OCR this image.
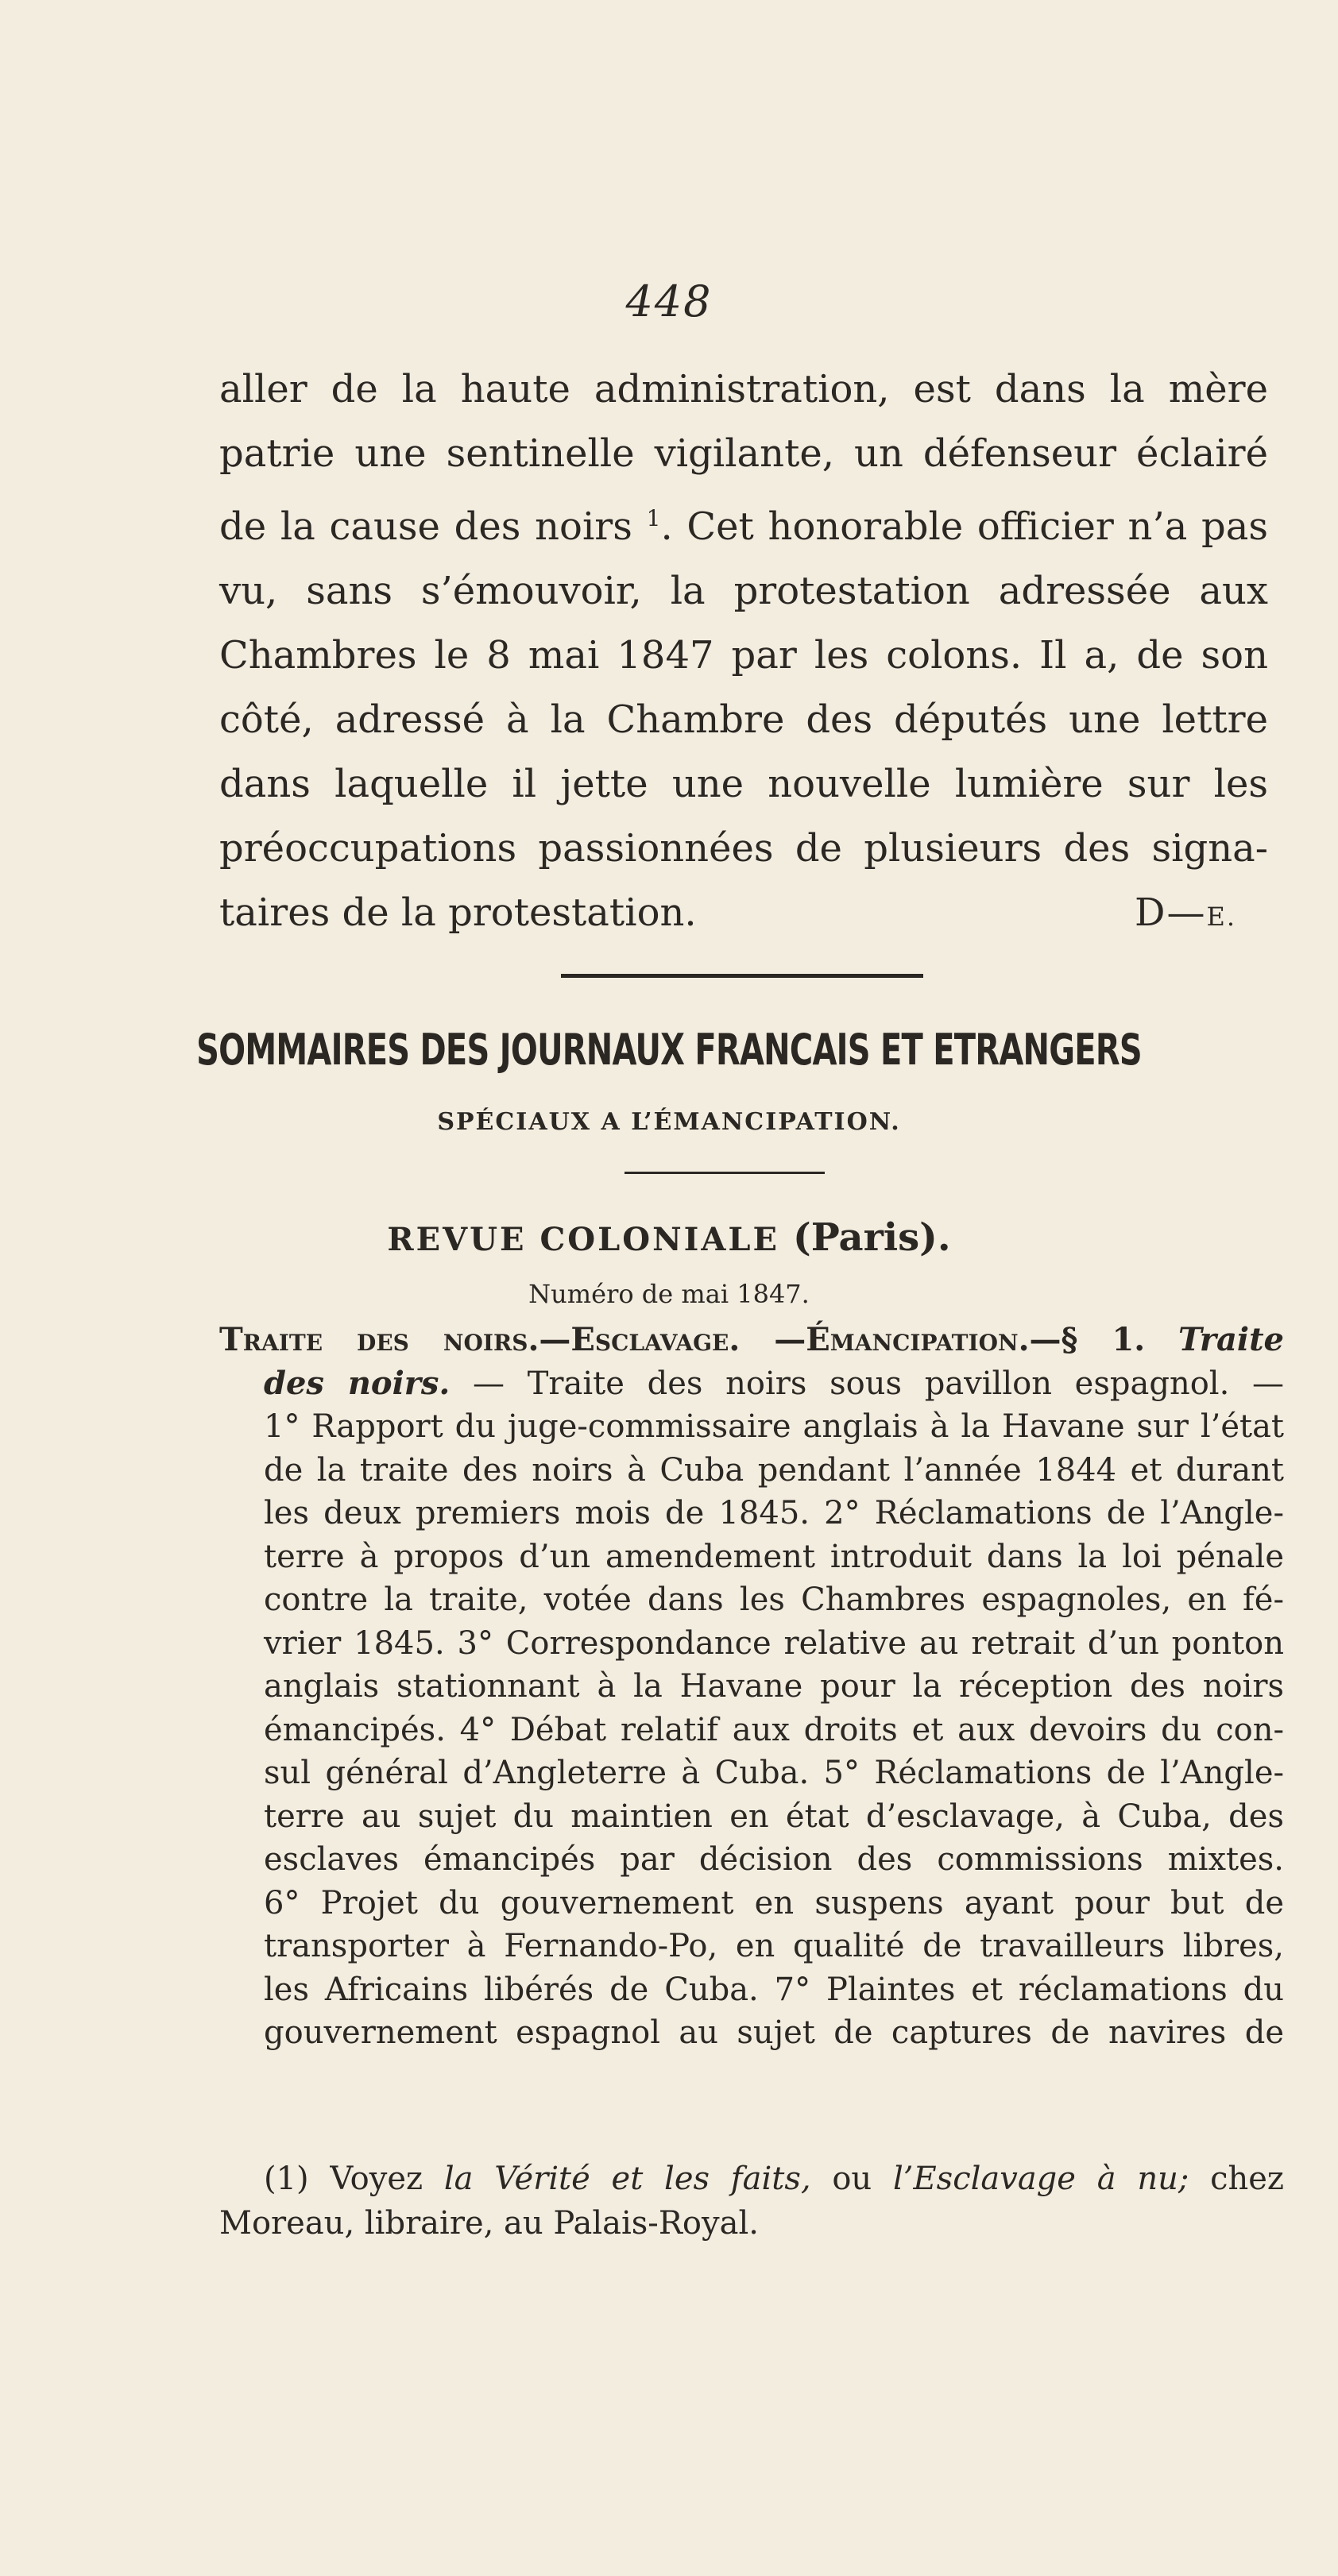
448
aller de la haute administration, est dans la mère
patrie une sentinelle vigilante, un défenseur éclairé
de la cause des noirs $^1$. Cet honorable officier n’a pas
vu, sans s’émouvoir, la protestation adressée aux
Chambres le 8 mai 1847 par les colons. Il a, de son
côté, adressé à la Chambre des députés une lettre
dans laquelle il jette une nouvelle lumière sur les
préoccupations passionnées de plusieurs des signa-
taires de la protestation.	D—E.
SOMMAIRES DES JOURNAUX FRANCAIS ET ETRANGERS
SPÉCIAUX A L’ÉMANCIPATION.
REVUE COLONIALE (Paris).
Numéro de mai 1847.
Traite des noirs.—Esclavage. —Émancipation.—§ 1. Traite
des noirs. — Traite des noirs sous pavillon espagnol. —
1° Rapport du juge-commissaire anglais à la Havane sur l’état
de la traite des noirs à Cuba pendant l’année 1844 et durant
les deux premiers mois de 1845. 2° Réclamations de l’Angle-
terre à propos d’un amendement introduit dans la loi pénale
contre la traite, votée dans les Chambres espagnoles, en fé-
vrier 1845. 3° Correspondance relative au retrait d’un ponton
anglais stationnant à la Havane pour la réception des noirs
émancipés. 4° Débat relatif aux droits et aux devoirs du con-
sul général d’Angleterre à Cuba. 5° Réclamations de l’Angle-
terre au sujet du maintien en état d’esclavage, à Cuba, des
esclaves émancipés par décision des commissions mixtes.
6° Projet du gouvernement en suspens ayant pour but de
transporter à Fernando-Po, en qualité de travailleurs libres,
les Africains libérés de Cuba. 7° Plaintes et réclamations du
gouvernement espagnol au sujet de captures de navires de
(1) Voyez la Vérité et les faits, ou l’Esclavage à nu; chez
Moreau, libraire, au Palais-Royal.
